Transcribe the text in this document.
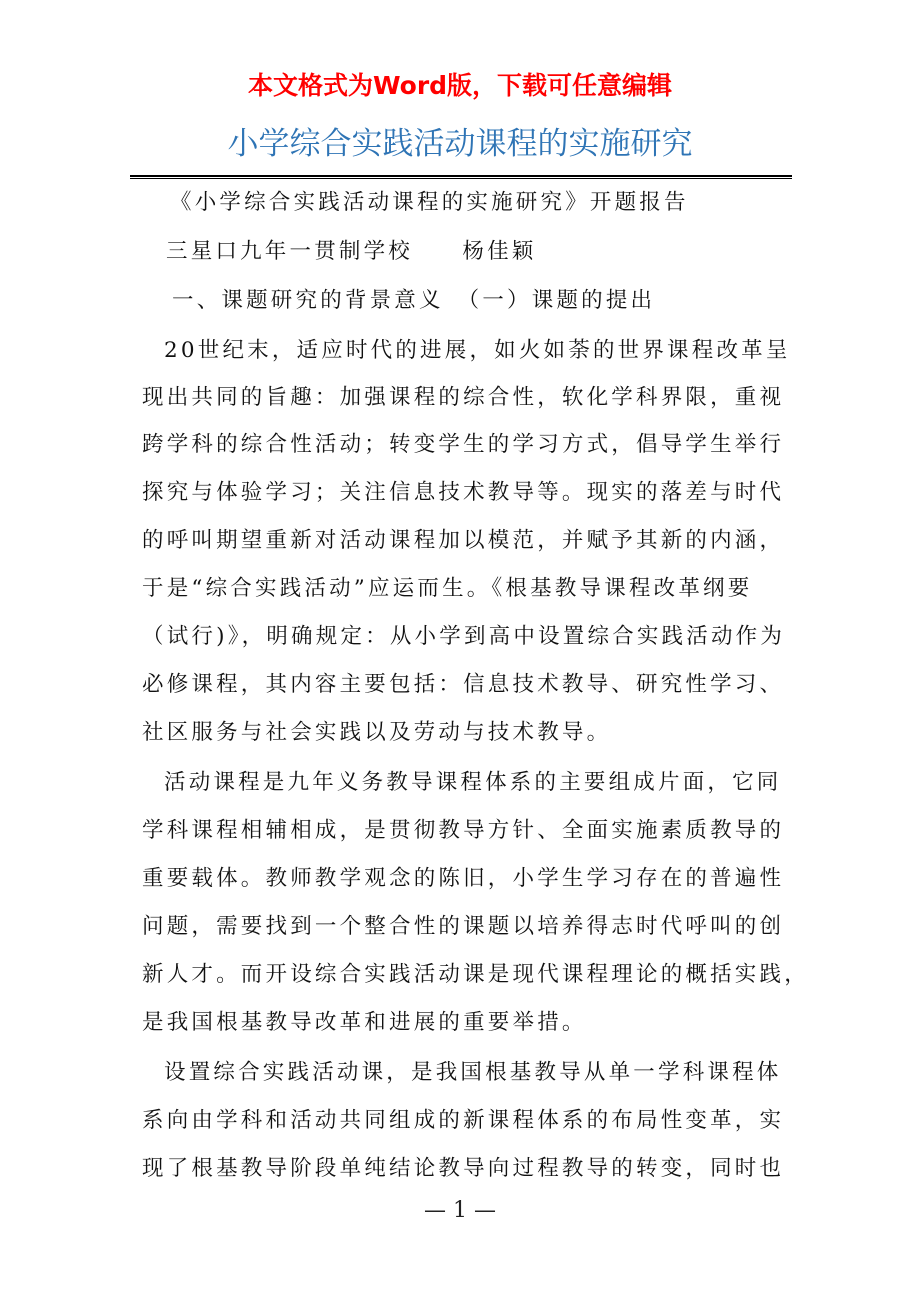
本文格式为Word版，下载可任意编辑
小学综合实践活动课程的实施研究
《小学综合实践活动课程的实施研究》开题报告
三星口九年一贯制学校　　杨佳颖
一、课题研究的背景意义　（一）课题的提出
20世纪末，适应时代的进展，如火如荼的世界课程改革呈
现出共同的旨趣：加强课程的综合性，软化学科界限，重视
跨学科的综合性活动；转变学生的学习方式，倡导学生举行
探究与体验学习；关注信息技术教导等。现实的落差与时代
的呼叫期望重新对活动课程加以模范，并赋予其新的内涵，
于是“综合实践活动”应运而生。《根基教导课程改革纲要
（试行)》，明确规定：从小学到高中设置综合实践活动作为
必修课程，其内容主要包括：信息技术教导、研究性学习、
社区服务与社会实践以及劳动与技术教导。
活动课程是九年义务教导课程体系的主要组成片面，它同
学科课程相辅相成，是贯彻教导方针、全面实施素质教导的
重要载体。教师教学观念的陈旧，小学生学习存在的普遍性
问题，需要找到一个整合性的课题以培养得志时代呼叫的创
新人才。而开设综合实践活动课是现代课程理论的概括实践，
是我国根基教导改革和进展的重要举措。
设置综合实践活动课，是我国根基教导从单一学科课程体
系向由学科和活动共同组成的新课程体系的布局性变革，实
现了根基教导阶段单纯结论教导向过程教导的转变，同时也
— 1 —
